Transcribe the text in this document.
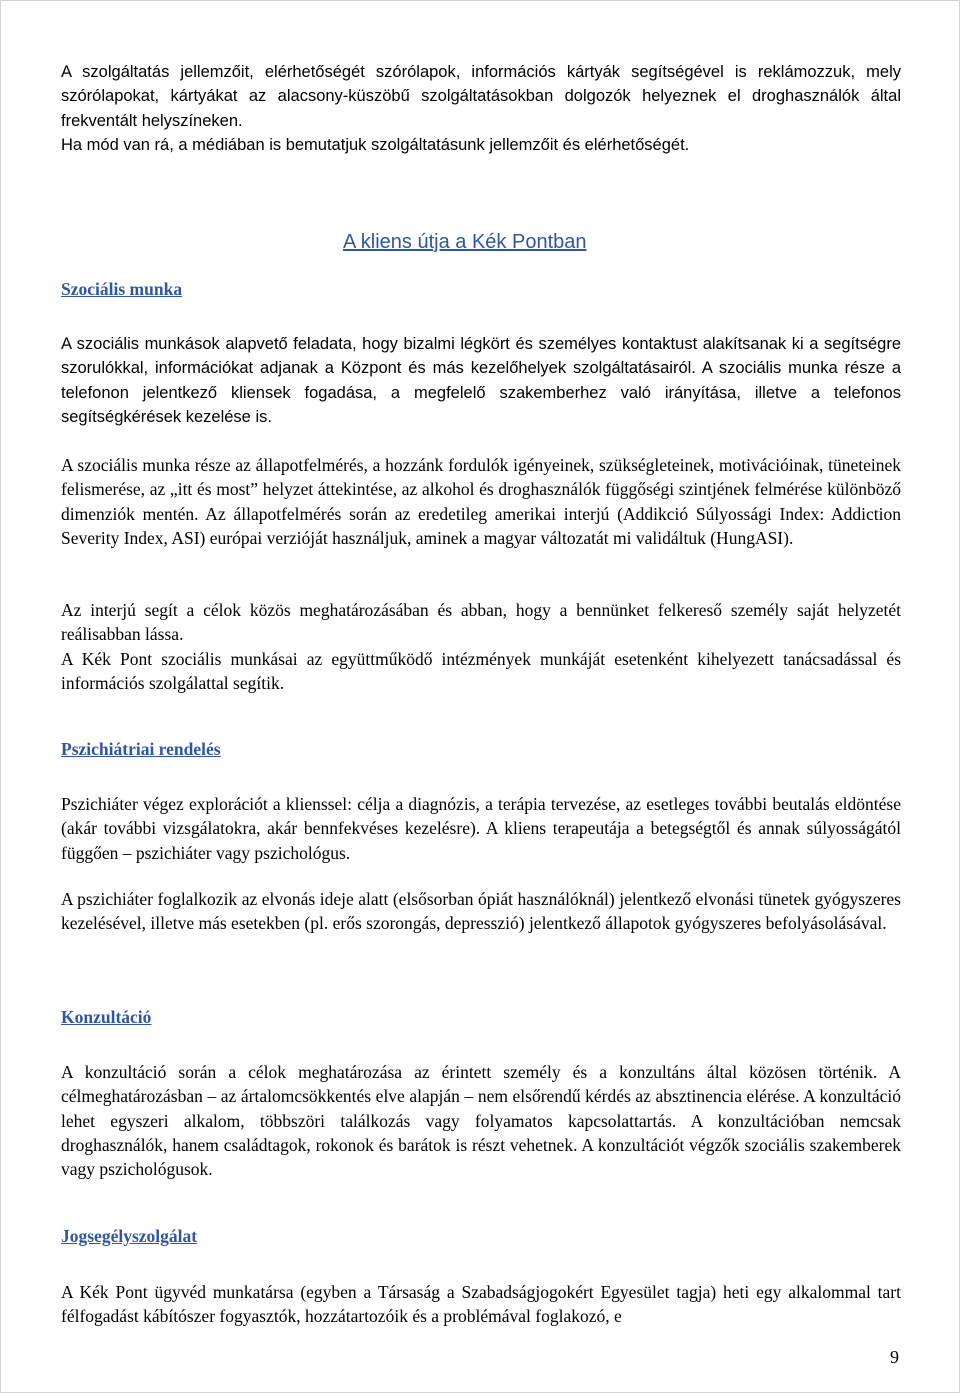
A szolgáltatás jellemzőit, elérhetőségét szórólapok, információs kártyák segítségével is reklámozzuk, mely szórólapokat, kártyákat az alacsony-küszöbű szolgáltatásokban dolgozók helyeznek el droghasználók által frekventált helyszíneken.
Ha mód van rá, a médiában is bemutatjuk szolgáltatásunk jellemzőit és elérhetőségét.

A kliens útja a Kék Pontban
Szociális munka

A szociális munkások alapvető feladata, hogy bizalmi légkört és személyes kontaktust alakítsanak ki a segítségre szorulókkal, információkat adjanak a Központ és más kezelőhelyek szolgáltatásairól. A szociális munka része a telefonon jelentkező kliensek fogadása, a megfelelő szakemberhez való irányítása, illetve a telefonos segítségkérések kezelése is.

A szociális munka része az állapotfelmérés, a hozzánk fordulók igényeinek, szükségleteinek, motivációinak, tüneteinek felismerése, az „itt és most” helyzet áttekintése, az alkohol és droghasználók függőségi szintjének felmérése különböző dimenziók mentén. Az állapotfelmérés során az eredetileg amerikai interjú (Addikció Súlyossági Index: Addiction Severity Index, ASI) európai verzióját használjuk, aminek a magyar változatát mi validáltuk (HungASI).

Az interjú segít a célok közös meghatározásában és abban, hogy a bennünket felkereső személy saját helyzetét reálisabban lássa.
A Kék Pont szociális munkásai az együttműködő intézmények munkáját esetenként kihelyezett tanácsadással és információs szolgálattal segítik.

Pszichiátriai rendelés

Pszichiáter végez explorációt a klienssel: célja a diagnózis, a terápia tervezése, az esetleges további beutalás eldöntése (akár további vizsgálatokra, akár bennfekvéses kezelésre). A kliens terapeutája a betegségtől és annak súlyosságától függően – pszichiáter vagy pszichológus.

A pszichiáter foglalkozik az elvonás ideje alatt (elsősorban ópiát használóknál) jelentkező elvonási tünetek gyógyszeres kezelésével, illetve más esetekben (pl. erős szorongás, depresszió) jelentkező állapotok gyógyszeres befolyásolásával.

Konzultáció

A konzultáció során a célok meghatározása az érintett személy és a konzultáns által közösen történik. A célmeghatározásban – az ártalomcsökkentés elve alapján – nem elsőrendű kérdés az absztinencia elérése. A konzultáció lehet egyszeri alkalom, többszöri találkozás vagy folyamatos kapcsolattartás. A konzultációban nemcsak droghasználók, hanem családtagok, rokonok és barátok is részt vehetnek. A konzultációt végzők szociális szakemberek vagy pszichológusok.

Jogsegélyszolgálat

A Kék Pont ügyvéd munkatársa (egyben a Társaság a Szabadságjogokért Egyesület tagja) heti egy alkalommal tart félfogadást kábítószer fogyasztók, hozzátartozóik és a problémával foglakozó, e

9
